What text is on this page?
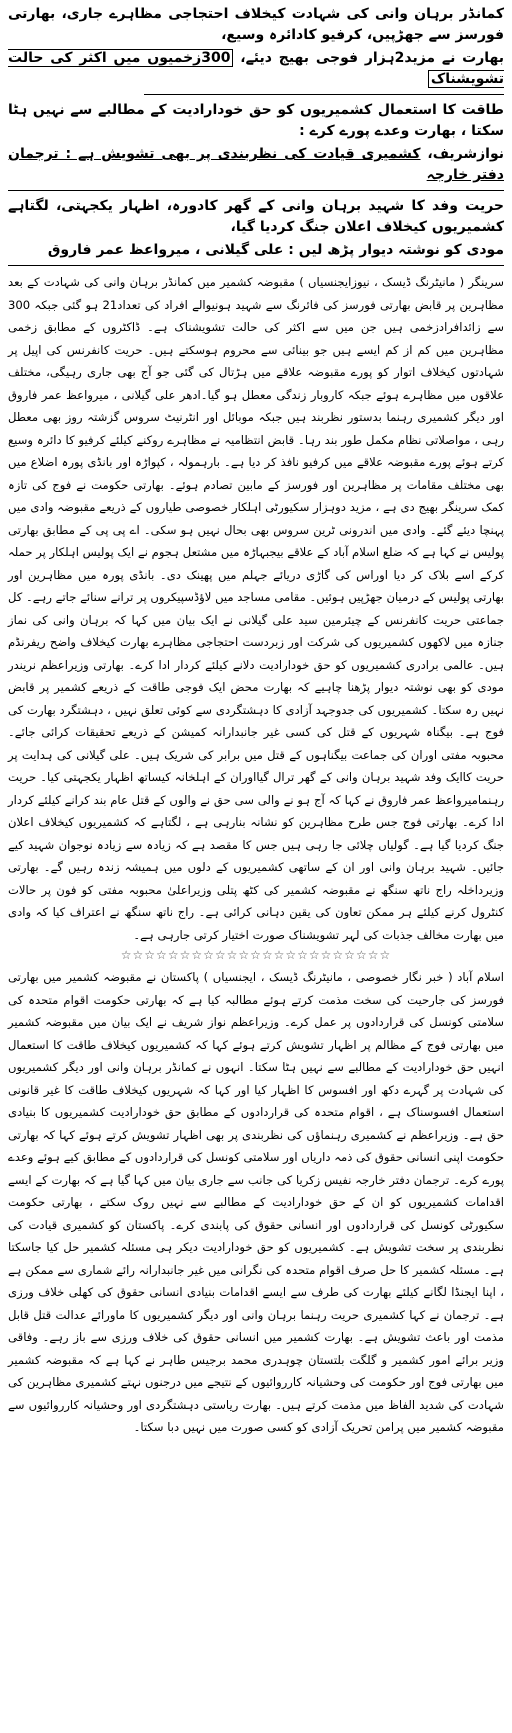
کمانڈر برہان وانی کی شہادت کیخلاف احتجاجی مظاہرے جاری، بھارتی فورسز سے جھڑپیں، کرفیو کادائرہ وسیع،

بھارت نے مزید2ہزار فوجی بھیج دیئے، 300زخمیوں میں اکثر کی حالت تشویشناک

طاقت کا استعمال کشمیریوں کو حق خودارادیت کے مطالبے سے نہیں ہٹا سکتا ، بھارت وعدے پورے کرے :

نوازشریف، کشمیری قیادت کی نظربندی پر بھی تشویش ہے : ترجمان دفتر خارجہ

حریت وفد کا شہید برہان وانی کے گھر کادورہ، اظہار یکجہتی، لگتاہے کشمیریوں کیخلاف اعلان جنگ کردیا گیا،

مودی کو نوشتہ دیوار پڑھ لیں : علی گیلانی ، میرواعظ عمر فاروق

سرینگر ( مانیٹرنگ ڈیسک ، نیوزایجنسیاں ) مقبوضہ کشمیر میں کمانڈر برہان وانی کی شہادت کے بعد مظاہرین پر قابض بھارتی فورسز کی فائرنگ سے شہید ہونیوالے افراد کی تعداد21 ہو گئی جبکہ 300 سے زائدافرادزخمی ہیں جن میں سے اکثر کی حالت تشویشناک ہے۔ ڈاکٹروں کے مطابق زخمی مظاہرین میں کم از کم ایسے ہیں جو بینائی سے محروم ہوسکتے ہیں۔ حریت کانفرنس کی اپیل پر شہادتوں کیخلاف اتوار کو پورے مقبوضہ علاقے میں ہڑتال کی گئی جو آج بھی جاری رہیگی، مختلف علاقوں میں مظاہرے ہوئے جبکہ کاروبار زندگی معطل ہو گیا۔ادھر علی گیلانی ، میرواعظ عمر فاروق اور دیگر کشمیری رہنما بدستور نظربند ہیں جبکہ موبائل اور انٹرنیٹ سروس گزشتہ روز بھی معطل رہی ، مواصلاتی نظام مکمل طور بند رہا۔ قابض انتظامیہ نے مظاہرے روکنے کیلئے کرفیو کا دائرہ وسیع کرتے ہوئے پورے مقبوضہ علاقے میں کرفیو نافذ کر دیا ہے۔ بارہمولہ ، کپواڑہ اور بانڈی پورہ اضلاع میں بھی مختلف مقامات پر مظاہرین اور فورسز کے مابین تصادم ہوئے۔ بھارتی حکومت نے فوج کی تازہ کمک سرینگر بھیج دی ہے ، مزید دوہزار سکیورٹی اہلکار خصوصی طیاروں کے ذریعے مقبوضہ وادی میں پہنچا دیئے گئے۔ وادی میں اندرونی ٹرین سروس بھی بحال نہیں ہو سکی۔ اے پی پی کے مطابق بھارتی پولیس نے کہا ہے کہ ضلع اسلام آباد کے علاقے بیجبہاڑہ میں مشتعل ہجوم نے ایک پولیس اہلکار پر حملہ کرکے اسے بلاک کر دیا اوراس کی گاڑی دریائے جہلم میں پھینک دی۔ بانڈی پورہ میں مظاہرین اور بھارتی پولیس کے درمیان جھڑپیں ہوئیں۔ مقامی مساجد میں لاؤڈسپیکروں پر ترانے سنائے جاتے رہے۔ کل جماعتی حریت کانفرنس کے چیئرمین سید علی گیلانی نے ایک بیان میں کہا کہ برہان وانی کی نماز جنازہ میں لاکھوں کشمیریوں کی شرکت اور زبردست احتجاجی مظاہرے بھارت کیخلاف واضح ریفرنڈم ہیں۔ عالمی برادری کشمیریوں کو حق خودارادیت دلانے کیلئے کردار ادا کرے۔ بھارتی وزیراعظم نریندر مودی کو بھی نوشتہ دیوار پڑھنا چاہیے کہ بھارت محض ایک فوجی طاقت کے ذریعے کشمیر پر قابض نہیں رہ سکتا۔ کشمیریوں کی جدوجہد آزادی کا دہشتگردی سے کوئی تعلق نہیں ، دہشتگرد بھارت کی فوج ہے۔ بیگناہ شہریوں کے قتل کی کسی غیر جانبدارانہ کمیشن کے ذریعے تحقیقات کرائی جائے۔ محبوبہ مفتی اوران کی جماعت بیگناہوں کے قتل میں برابر کی شریک ہیں۔ علی گیلانی کی ہدایت پر حریت کاایک وفد شہید برہان وانی کے گھر ترال گیااوران کے اہلخانہ کیساتھ اظہار یکجہتی کیا۔ حریت رہنمامیرواعظ عمر فاروق نے کہا کہ آج ہو نے والی سی حق نے والوں کے قتل عام بند کرانے کیلئے کردار ادا کرے۔ بھارتی فوج جس طرح مظاہرین کو نشانہ بنارہی ہے ، لگتاہے کہ کشمیریوں کیخلاف اعلان جنگ کردیا گیا ہے۔ گولیاں چلائی جا رہی ہیں جس کا مقصد ہے کہ زیادہ سے زیادہ نوجوان شہید کیے جائیں۔ شہید برہان وانی اور ان کے ساتھی کشمیریوں کے دلوں میں ہمیشہ زندہ رہیں گے۔ بھارتی وزیرداخلہ راج ناتھ سنگھ نے مقبوضہ کشمیر کی کٹھ پتلی وزیراعلیٰ محبوبہ مفتی کو فون پر حالات کنٹرول کرنے کیلئے ہر ممکن تعاون کی یقین دہانی کرائی ہے۔ راج ناتھ سنگھ نے اعتراف کیا کہ وادی میں بھارت مخالف جذبات کی لہر تشویشناک صورت اختیار کرتی جارہی ہے۔

☆☆☆☆☆☆☆☆☆☆☆☆☆☆☆☆☆☆☆☆☆☆☆

اسلام آباد ( خبر نگار خصوصی ، مانیٹرنگ ڈیسک ، ایجنسیاں ) پاکستان نے مقبوضہ کشمیر میں بھارتی فورسز کی جارحیت کی سخت مذمت کرتے ہوئے مطالبہ کیا ہے کہ بھارتی حکومت اقوام متحدہ کی سلامتی کونسل کی قراردادوں پر عمل کرے۔ وزیراعظم نواز شریف نے ایک بیان میں مقبوضہ کشمیر میں بھارتی فوج کے مظالم پر اظہار تشویش کرتے ہوئے کہا کہ کشمیریوں کیخلاف طاقت کا استعمال انہیں حق خودارادیت کے مطالبے سے نہیں ہٹا سکتا۔ انہوں نے کمانڈر برہان وانی اور دیگر کشمیریوں کی شہادت پر گہرے دکھ اور افسوس کا اظہار کیا اور کہا کہ شہریوں کیخلاف طاقت کا غیر قانونی استعمال افسوسناک ہے ، اقوام متحدہ کی قراردادوں کے مطابق حق خودارادیت کشمیریوں کا بنیادی حق ہے۔ وزیراعظم نے کشمیری رہنماؤں کی نظربندی پر بھی اظہار تشویش کرتے ہوئے کہا کہ بھارتی حکومت اپنی انسانی حقوق کی ذمہ داریاں اور سلامتی کونسل کی قراردادوں کے مطابق کیے ہوئے وعدے پورے کرے۔ ترجمان دفتر خارجہ نفیس زکریا کی جانب سے جاری بیان میں کہا گیا ہے کہ بھارت کے ایسے اقدامات کشمیریوں کو ان کے حق خودارادیت کے مطالبے سے نہیں روک سکتے ، بھارتی حکومت سکیورٹی کونسل کی قراردادوں اور انسانی حقوق کی پابندی کرے۔ پاکستان کو کشمیری قیادت کی نظربندی پر سخت تشویش ہے۔ کشمیریوں کو حق خودارادیت دیکر ہی مسئلہ کشمیر حل کیا جاسکتا ہے۔ مسئلہ کشمیر کا حل صرف اقوام متحدہ کی نگرانی میں غیر جانبدارانہ رائے شماری سے ممکن ہے ، اپنا ایجنڈا لگانے کیلئے بھارت کی طرف سے ایسے اقدامات بنیادی انسانی حقوق کی کھلی خلاف ورزی ہے۔ ترجمان نے کہا کشمیری حریت رہنما برہان وانی اور دیگر کشمیریوں کا ماورائے عدالت قتل قابل مذمت اور باعث تشویش ہے۔ بھارت کشمیر میں انسانی حقوق کی خلاف ورزی سے باز رہے۔ وفاقی وزیر برائے امور کشمیر و گلگت بلتستان چوہدری محمد برجیس طاہر نے کہا ہے کہ مقبوضہ کشمیر میں بھارتی فوج اور حکومت کی وحشیانہ کارروائیوں کے نتیجے میں درجنوں نہتے کشمیری مظاہرین کی شہادت کی شدید الفاظ میں مذمت کرتے ہیں۔ بھارت ریاستی دہشتگردی اور وحشیانہ کارروائیوں سے مقبوضہ کشمیر میں پرامن تحریک آزادی کو کسی صورت میں نہیں دبا سکتا۔
